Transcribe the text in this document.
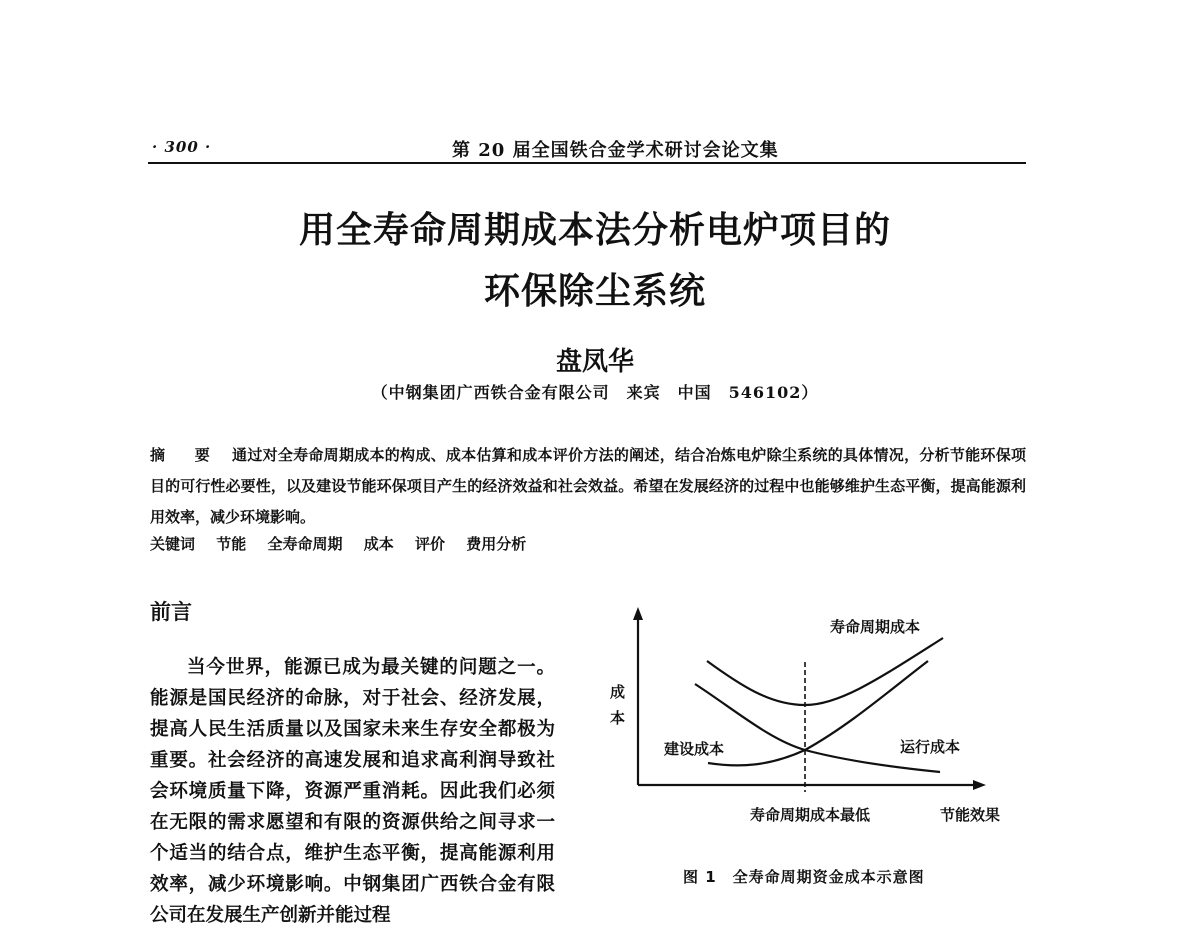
· 300 ·	第 20 届全国铁合金学术研讨会论文集
用全寿命周期成本法分析电炉项目的
环保除尘系统
盘凤华
（中钢集团广西铁合金有限公司　来宾　中国　546102）
摘 要 通过对全寿命周期成本的构成、成本估算和成本评价方法的阐述，结合冶炼电炉除尘系统的具体情况，分析节能环保项目的可行性必要性，以及建设节能环保项目产生的经济效益和社会效益。希望在发展经济的过程中也能够维护生态平衡，提高能源利用效率，减少环境影响。
关键词 节能 全寿命周期 成本 评价 费用分析
前言
当今世界，能源已成为最关键的问题之一。能源是国民经济的命脉，对于社会、经济发展，提高人民生活质量以及国家未来生存安全都极为重要。社会经济的高速发展和追求高利润导致社会环境质量下降，资源严重消耗。因此我们必须在无限的需求愿望和有限的资源供给之间寻求一个适当的结合点，维护生态平衡，提高能源利用效率，减少环境影响。中钢集团广西铁合金有限公司在发展生产创新并能过程
成
本
寿命周期成本
建设成本	运行成本
寿命周期成本最低	节能效果
图 1 全寿命周期资金成本示意图
